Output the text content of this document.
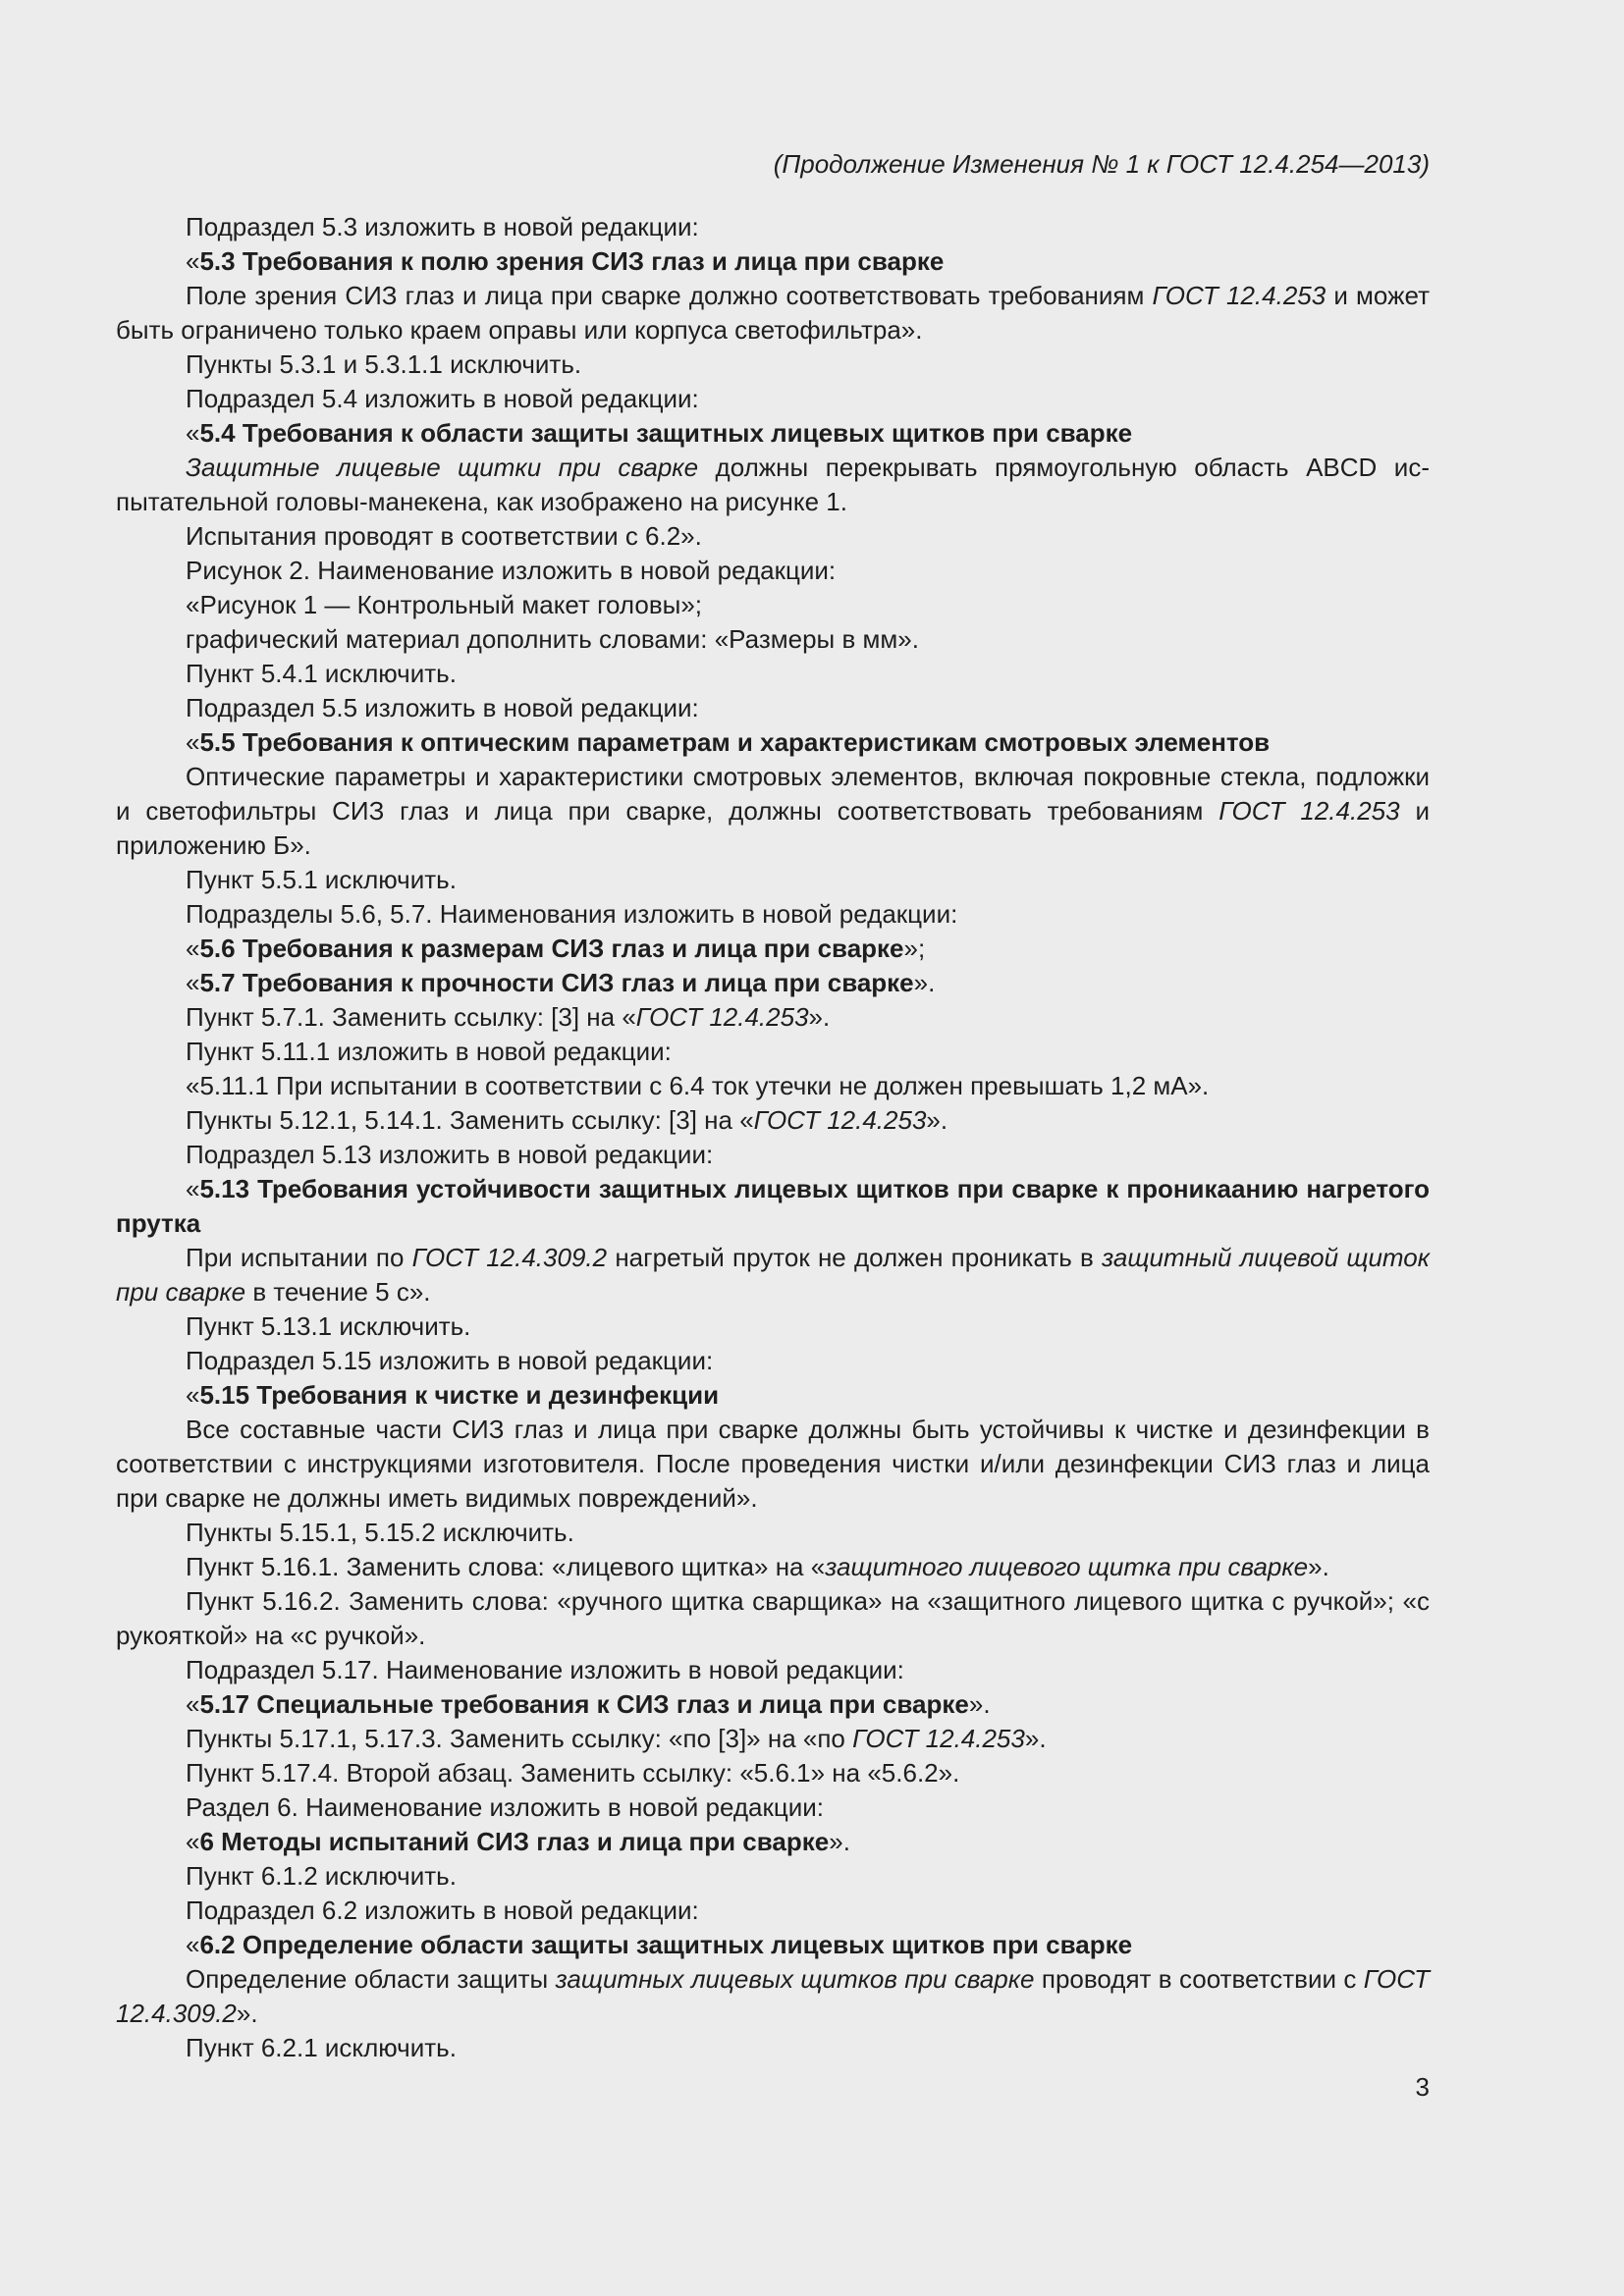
(Продолжение Изменения № 1 к ГОСТ 12.4.254—2013)

Подраздел 5.3 изложить в новой редакции:

«5.3 Требования к полю зрения СИЗ глаз и лица при сварке

Поле зрения СИЗ глаз и лица при сварке должно соответствовать требованиям ГОСТ 12.4.253 и может быть ограничено только краем оправы или корпуса светофильтра».

Пункты 5.3.1 и 5.3.1.1 исключить.

Подраздел 5.4 изложить в новой редакции:

«5.4 Требования к области защиты защитных лицевых щитков при сварке

Защитные лицевые щитки при сварке должны перекрывать прямоугольную область ABCD испытательной головы-манекена, как изображено на рисунке 1.

Испытания проводят в соответствии с 6.2».

Рисунок 2. Наименование изложить в новой редакции:

«Рисунок 1 — Контрольный макет головы»;

графический материал дополнить словами: «Размеры в мм».

Пункт 5.4.1 исключить.

Подраздел 5.5 изложить в новой редакции:

«5.5 Требования к оптическим параметрам и характеристикам смотровых элементов

Оптические параметры и характеристики смотровых элементов, включая покровные стекла, подложки и светофильтры СИЗ глаз и лица при сварке, должны соответствовать требованиям ГОСТ 12.4.253 и приложению Б».

Пункт 5.5.1 исключить.

Подразделы 5.6, 5.7. Наименования изложить в новой редакции:

«5.6 Требования к размерам СИЗ глаз и лица при сварке»;

«5.7 Требования к прочности СИЗ глаз и лица при сварке».

Пункт 5.7.1. Заменить ссылку: [3] на «ГОСТ 12.4.253».

Пункт 5.11.1 изложить в новой редакции:

«5.11.1 При испытании в соответствии с 6.4 ток утечки не должен превышать 1,2 мА».

Пункты 5.12.1, 5.14.1. Заменить ссылку: [3] на «ГОСТ 12.4.253».

Подраздел 5.13 изложить в новой редакции:

«5.13 Требования устойчивости защитных лицевых щитков при сварке к проникаанию нагретого прутка

При испытании по ГОСТ 12.4.309.2 нагретый пруток не должен проникать в защитный лицевой щиток при сварке в течение 5 с».

Пункт 5.13.1 исключить.

Подраздел 5.15 изложить в новой редакции:

«5.15 Требования к чистке и дезинфекции

Все составные части СИЗ глаз и лица при сварке должны быть устойчивы к чистке и дезинфекции в соответствии с инструкциями изготовителя. После проведения чистки и/или дезинфекции СИЗ глаз и лица при сварке не должны иметь видимых повреждений».

Пункты 5.15.1, 5.15.2 исключить.

Пункт 5.16.1. Заменить слова: «лицевого щитка» на «защитного лицевого щитка при сварке».

Пункт 5.16.2. Заменить слова: «ручного щитка сварщика» на «защитного лицевого щитка с ручкой»; «с рукояткой» на «с ручкой».

Подраздел 5.17. Наименование изложить в новой редакции:

«5.17 Специальные требования к СИЗ глаз и лица при сварке».

Пункты 5.17.1, 5.17.3. Заменить ссылку: «по [3]» на «по ГОСТ 12.4.253».

Пункт 5.17.4. Второй абзац. Заменить ссылку: «5.6.1» на «5.6.2».

Раздел 6. Наименование изложить в новой редакции:

«6 Методы испытаний СИЗ глаз и лица при сварке».

Пункт 6.1.2 исключить.

Подраздел 6.2 изложить в новой редакции:

«6.2 Определение области защиты защитных лицевых щитков при сварке

Определение области защиты защитных лицевых щитков при сварке проводят в соответствии с ГОСТ 12.4.309.2».

Пункт 6.2.1 исключить.

3
